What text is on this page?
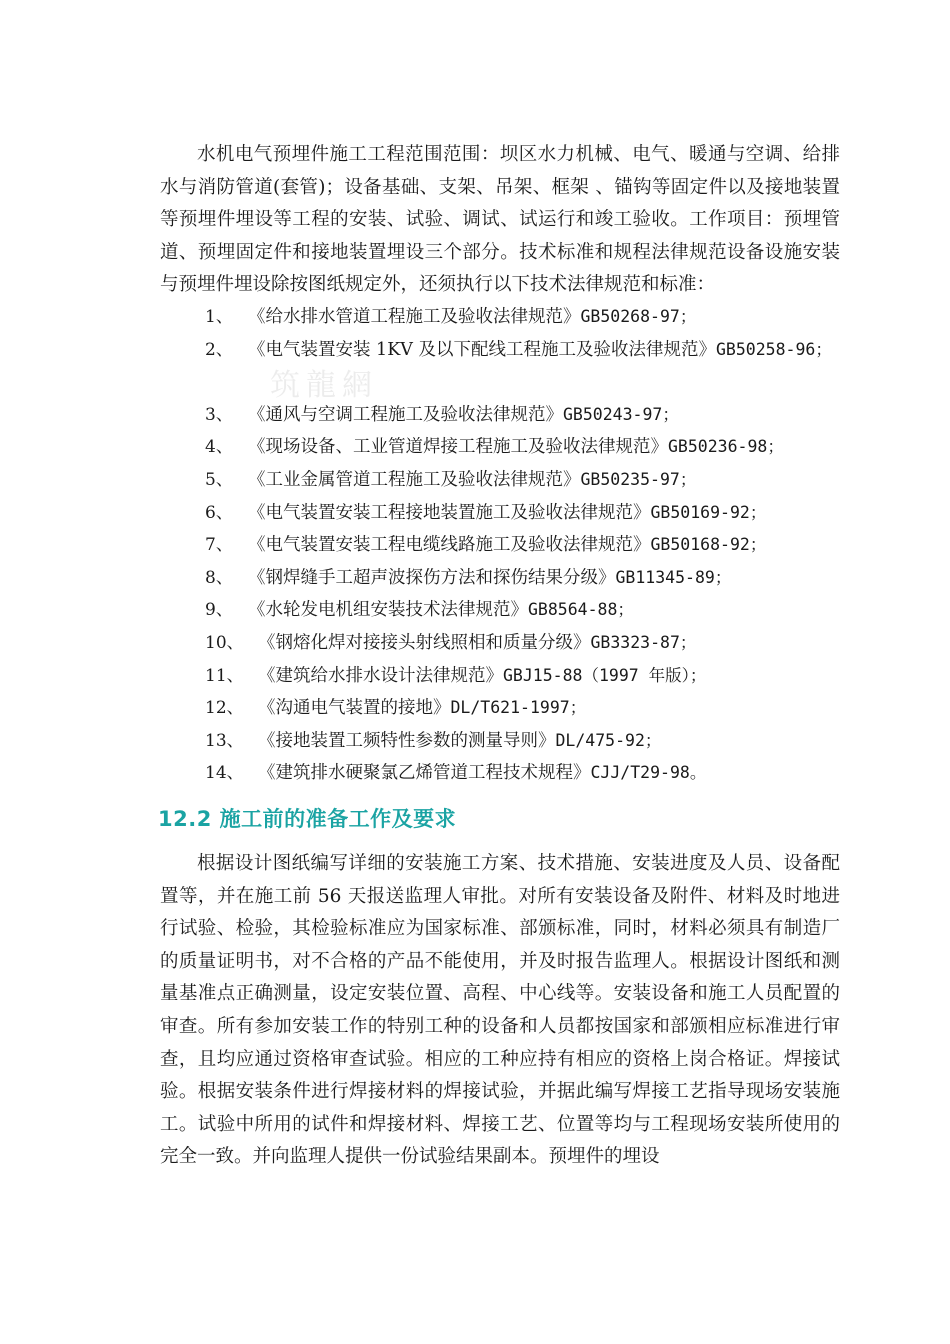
筑龍網

水机电气预埋件施工工程范围范围：坝区水力机械、电气、暖通与空调、给排水与消防管道(套管)；设备基础、支架、吊架、框架 、锚钩等固定件以及接地装置等预埋件埋设等工程的安装、试验、调试、试运行和竣工验收。工作项目：预埋管道、预埋固定件和接地装置埋设三个部分。技术标准和规程法律规范设备设施安装与预埋件埋设除按图纸规定外，还须执行以下技术法律规范和标准：

1、 《给水排水管道工程施工及验收法律规范》GB50268-97；
2、 《电气装置安装 1KV 及以下配线工程施工及验收法律规范》GB50258-96；
3、 《通风与空调工程施工及验收法律规范》GB50243-97；
4、 《现场设备、工业管道焊接工程施工及验收法律规范》GB50236-98；
5、 《工业金属管道工程施工及验收法律规范》GB50235-97；
6、 《电气装置安装工程接地装置施工及验收法律规范》GB50169-92；
7、 《电气装置安装工程电缆线路施工及验收法律规范》GB50168-92；
8、 《钢焊缝手工超声波探伤方法和探伤结果分级》GB11345-89；
9、 《水轮发电机组安装技术法律规范》GB8564-88；
10、 《钢熔化焊对接接头射线照相和质量分级》GB3323-87；
11、 《建筑给水排水设计法律规范》GBJ15-88（1997 年版）；
12、 《沟通电气装置的接地》DL/T621-1997；
13、 《接地装置工频特性参数的测量导则》DL/475-92；
14、 《建筑排水硬聚氯乙烯管道工程技术规程》CJJ/T29-98。
12.2 施工前的准备工作及要求

根据设计图纸编写详细的安装施工方案、技术措施、安装进度及人员、设备配置等，并在施工前 56 天报送监理人审批。对所有安装设备及附件、材料及时地进行试验、检验，其检验标准应为国家标准、部颁标准，同时，材料必须具有制造厂的质量证明书，对不合格的产品不能使用，并及时报告监理人。根据设计图纸和测量基准点正确测量，设定安装位置、高程、中心线等。安装设备和施工人员配置的审查。所有参加安装工作的特别工种的设备和人员都按国家和部颁相应标准进行审查，且均应通过资格审查试验。相应的工种应持有相应的资格上岗合格证。焊接试验。根据安装条件进行焊接材料的焊接试验，并据此编写焊接工艺指导现场安装施工。试验中所用的试件和焊接材料、焊接工艺、位置等均与工程现场安装所使用的完全一致。并向监理人提供一份试验结果副本。预埋件的埋设
